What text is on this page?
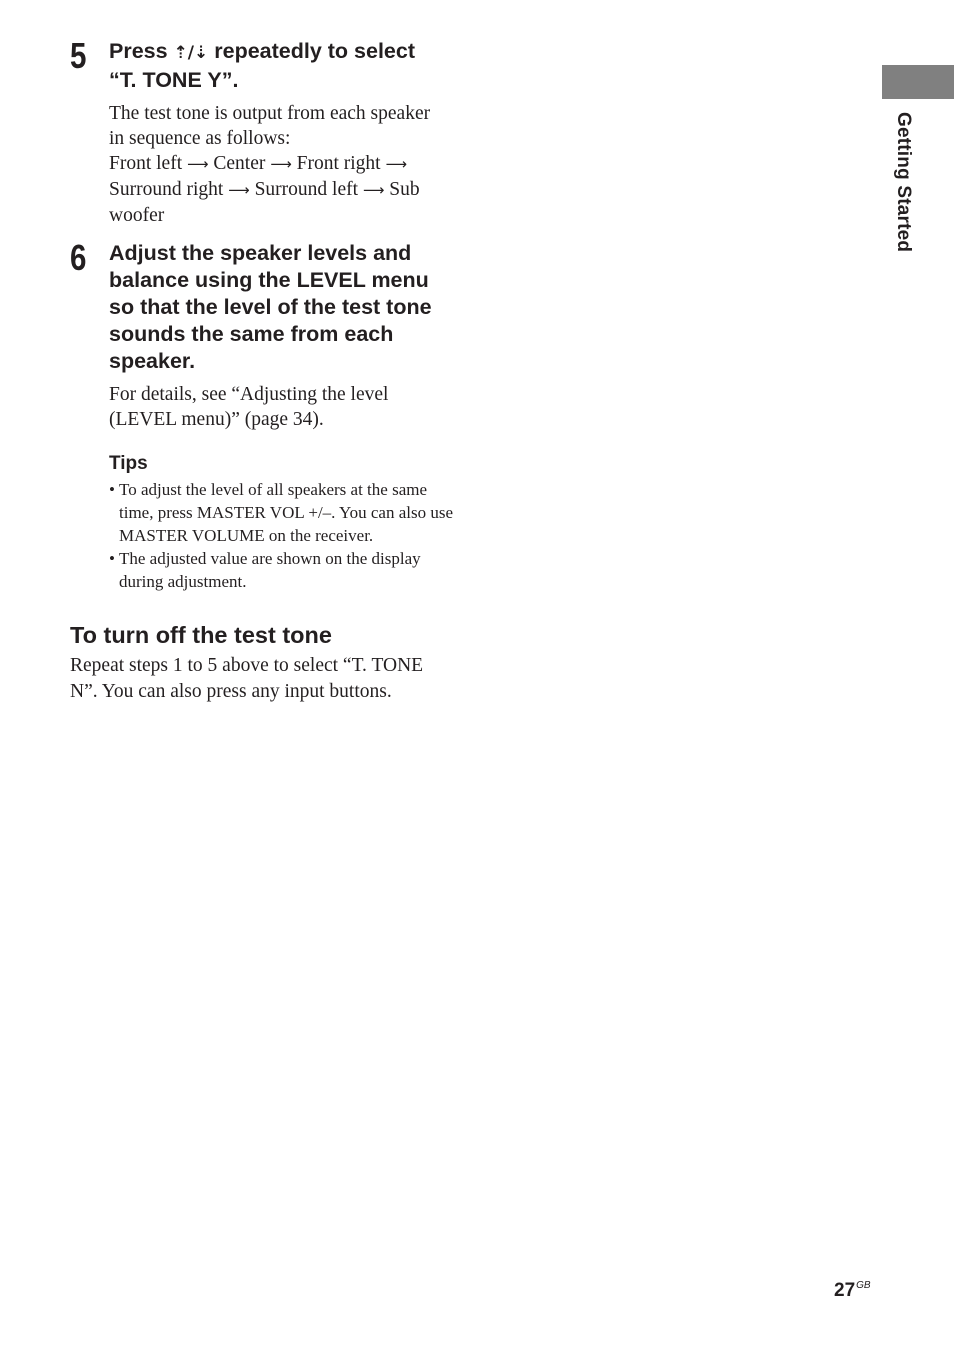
Getting Started
5 Press ⇡/⇣ repeatedly to select
“T. TONE Y”.
The test tone is output from each speaker in sequence as follows:
Front left ⟶ Center ⟶ Front right ⟶
Surround right ⟶ Surround left ⟶ Sub woofer
6 Adjust the speaker levels and balance using the LEVEL menu so that the level of the test tone sounds the same from each speaker.
For details, see “Adjusting the level (LEVEL menu)” (page 34).
Tips
• To adjust the level of all speakers at the same time, press MASTER VOL +/–. You can also use MASTER VOLUME on the receiver.
• The adjusted value are shown on the display during adjustment.
To turn off the test tone
Repeat steps 1 to 5 above to select “T. TONE N”. You can also press any input buttons.
$27^{GB}$
